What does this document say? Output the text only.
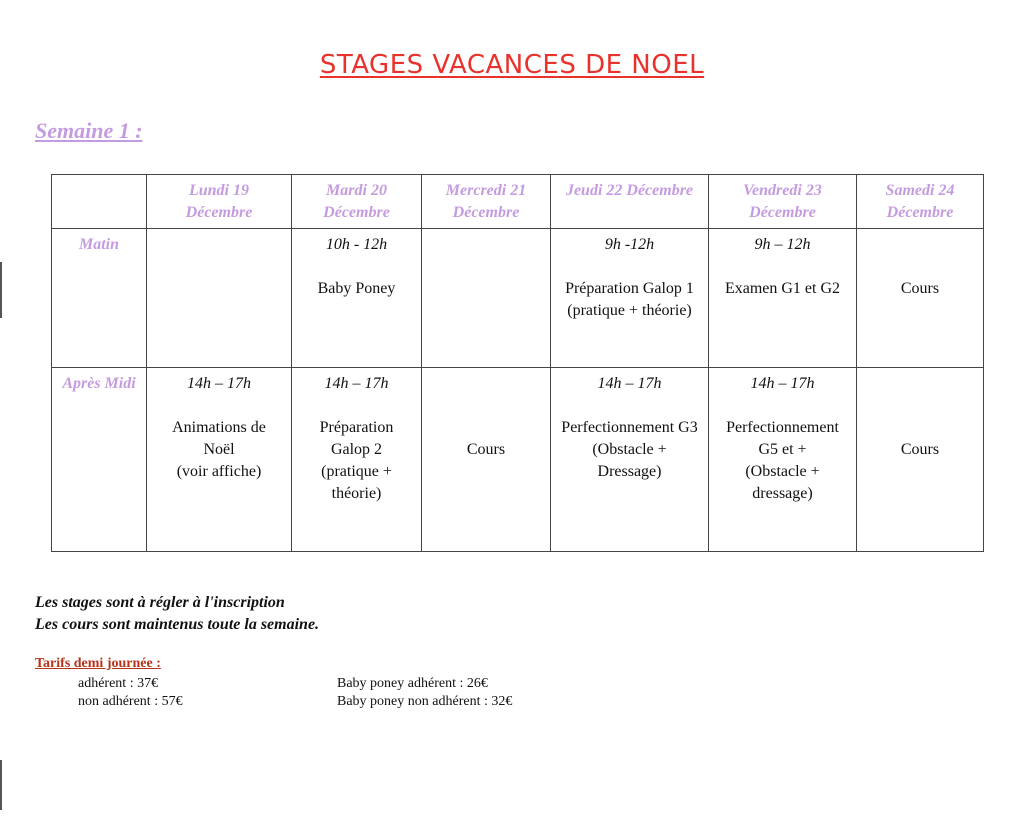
STAGES VACANCES DE NOEL
Semaine 1 :
	Lundi 19
Décembre	Mardi 20
Décembre	Mercredi 21
Décembre	Jeudi 22 Décembre	Vendredi 23
Décembre	Samedi 24
Décembre
Matin		10h - 12h
Baby Poney		9h -12h
Préparation Galop 1
(pratique + théorie)	9h – 12h
Examen G1 et G2	Cours
Après Midi	14h – 17h
Animations de
Noël
(voir affiche)	14h – 17h
Préparation
Galop 2
(pratique +
théorie)	Cours	14h – 17h
Perfectionnement G3
(Obstacle +
Dressage)	14h – 17h
Perfectionnement
G5 et +
(Obstacle +
dressage)	Cours
Les stages sont à régler à l'inscription
Les cours sont maintenus toute la semaine.
Tarifs demi journée :
adhérent : 37€
non adhérent : 57€
Baby poney adhérent : 26€
Baby poney non adhérent : 32€
